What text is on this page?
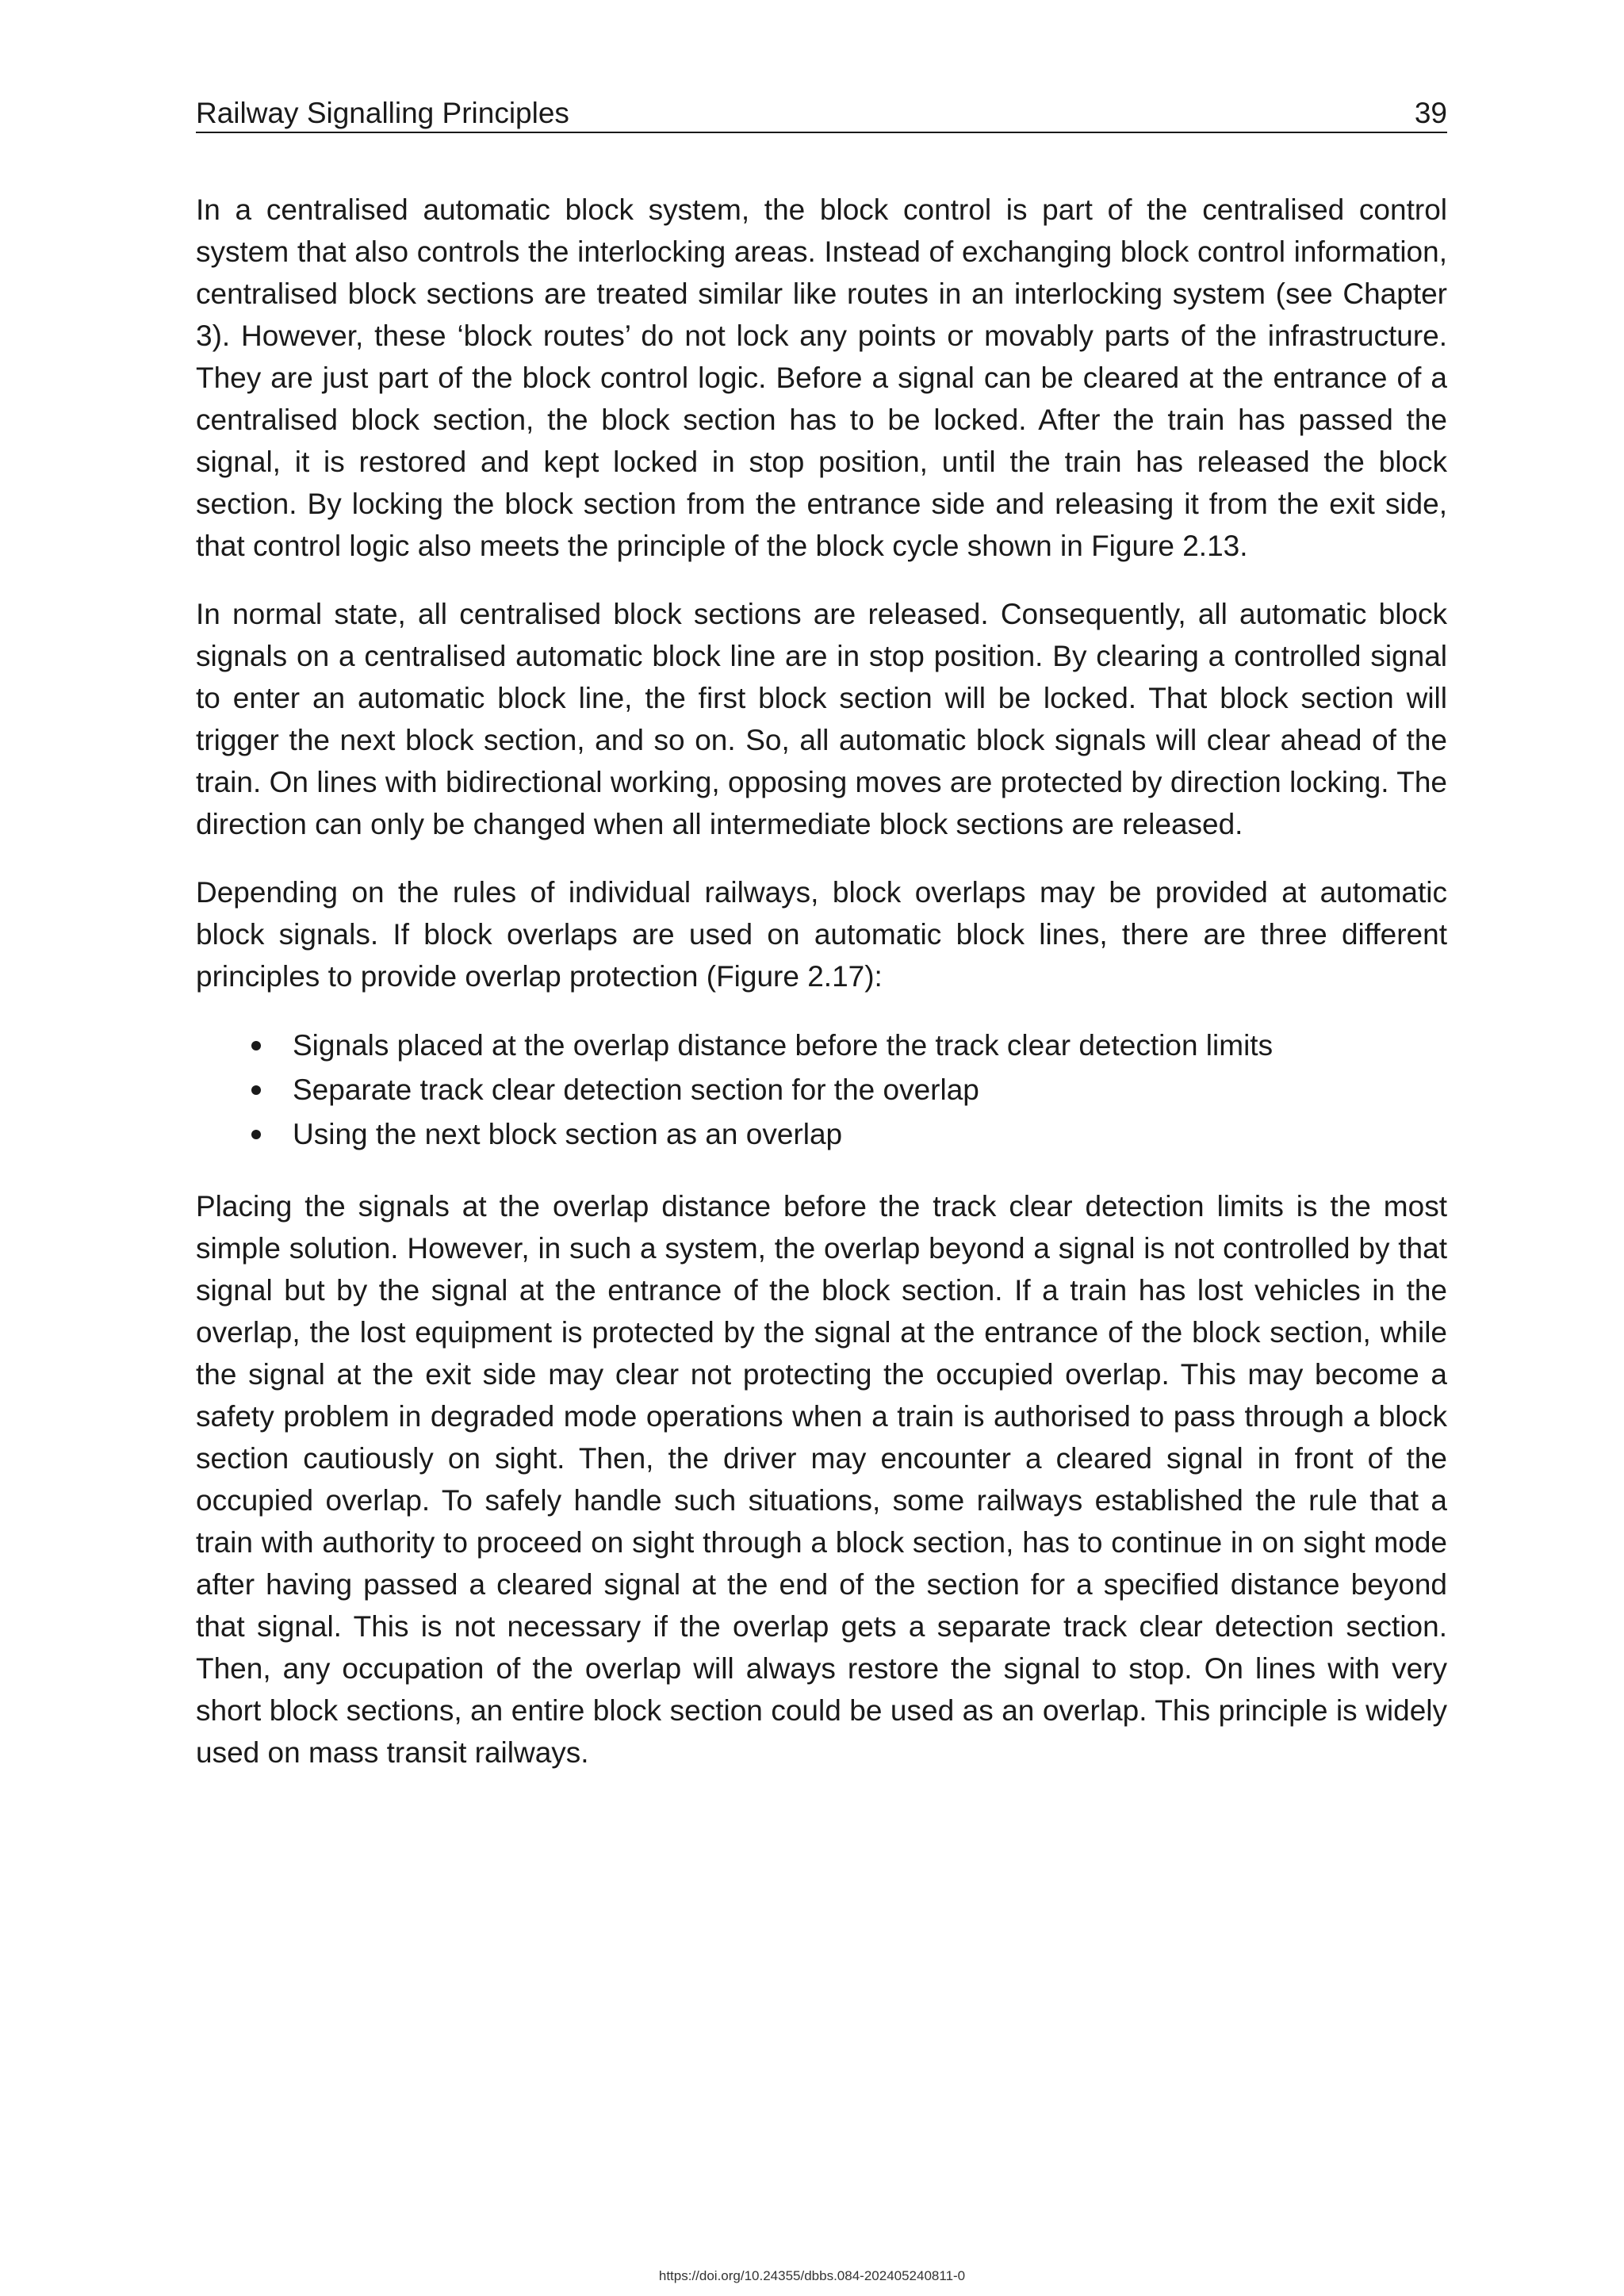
Railway Signalling Principles	39

In a centralised automatic block system, the block control is part of the centralised control system that also controls the interlocking areas. Instead of exchanging block control information, centralised block sections are treated similar like routes in an interlocking system (see Chapter 3). However, these ‘block routes’ do not lock any points or movably parts of the infrastructure. They are just part of the block control logic. Before a signal can be cleared at the entrance of a centralised block section, the block section has to be locked. After the train has passed the signal, it is restored and kept locked in stop position, until the train has released the block section. By locking the block section from the entrance side and releasing it from the exit side, that control logic also meets the principle of the block cycle shown in Figure 2.13.

In normal state, all centralised block sections are released. Consequently, all automatic block signals on a centralised automatic block line are in stop position. By clearing a controlled signal to enter an automatic block line, the first block section will be locked. That block section will trigger the next block section, and so on. So, all automatic block signals will clear ahead of the train. On lines with bidirectional working, opposing moves are protected by direction locking. The direction can only be changed when all intermediate block sections are released.

Depending on the rules of individual railways, block overlaps may be provided at automatic block signals. If block overlaps are used on automatic block lines, there are three different principles to provide overlap protection (Figure 2.17):

Signals placed at the overlap distance before the track clear detection limits
Separate track clear detection section for the overlap
Using the next block section as an overlap

Placing the signals at the overlap distance before the track clear detection limits is the most simple solution. However, in such a system, the overlap beyond a signal is not controlled by that signal but by the signal at the entrance of the block section. If a train has lost vehicles in the overlap, the lost equipment is protected by the signal at the entrance of the block section, while the signal at the exit side may clear not protecting the occupied overlap. This may become a safety problem in degraded mode operations when a train is authorised to pass through a block section cautiously on sight. Then, the driver may encounter a cleared signal in front of the occupied overlap. To safely handle such situations, some railways established the rule that a train with authority to proceed on sight through a block section, has to continue in on sight mode after having passed a cleared signal at the end of the section for a specified distance beyond that signal. This is not necessary if the overlap gets a separate track clear detection section. Then, any occupation of the overlap will always restore the signal to stop. On lines with very short block sections, an entire block section could be used as an overlap. This principle is widely used on mass transit railways.

https://doi.org/10.24355/dbbs.084-202405240811-0
